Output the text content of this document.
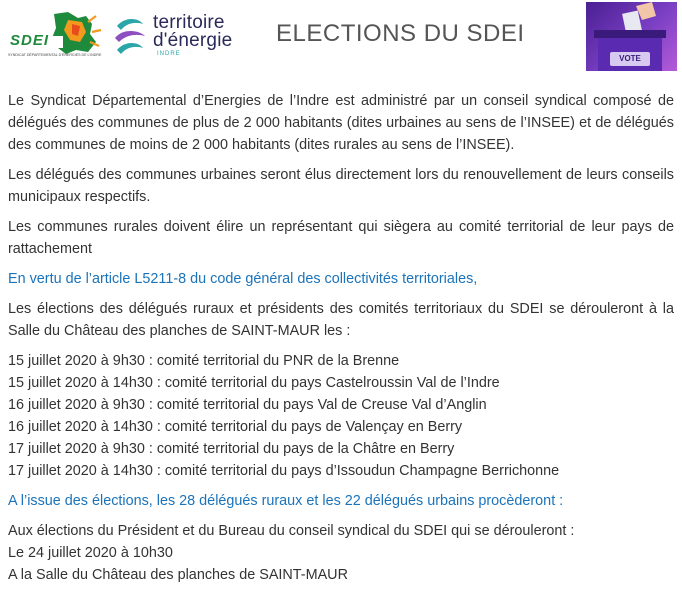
SDEI
SYNDICAT DÉPARTEMENTAL D'ÉNERGIES DE L'INDRE
territoire
d'énergie
INDRE
ELECTIONS DU SDEI
VOTE

Le Syndicat Départemental d’Energies de l’Indre est administré par un conseil syndical composé de délégués des communes de plus de 2 000 habitants (dites urbaines au sens de l’INSEE) et de délégués des communes de moins de 2 000 habitants (dites rurales au sens de l’INSEE).

Les délégués des communes urbaines seront élus directement lors du renouvellement de leurs conseils municipaux respectifs.

Les communes rurales doivent élire un représentant qui siègera au comité territorial de leur pays de rattachement

En vertu de l’article L5211-8 du code général des collectivités territoriales,

Les élections des délégués ruraux et présidents des comités territoriaux du SDEI se dérouleront à la Salle du Château des planches de SAINT-MAUR les :

15 juillet 2020 à 9h30 : comité territorial du PNR de la Brenne

15 juillet 2020 à 14h30 : comité territorial du pays Castelroussin Val de l’Indre

16 juillet 2020 à 9h30 : comité territorial du pays Val de Creuse Val d’Anglin

16 juillet 2020 à 14h30 : comité territorial du pays de Valençay en Berry

17 juillet 2020 à 9h30 : comité territorial du pays de la Châtre en Berry

17 juillet 2020 à 14h30 : comité territorial du pays d’Issoudun Champagne Berrichonne

A l’issue des élections, les 28 délégués ruraux et les 22 délégués urbains procèderont :

Aux élections du Président et du Bureau du conseil syndical du SDEI qui se dérouleront :

Le 24 juillet 2020 à 10h30

A la Salle du Château des planches de SAINT-MAUR
